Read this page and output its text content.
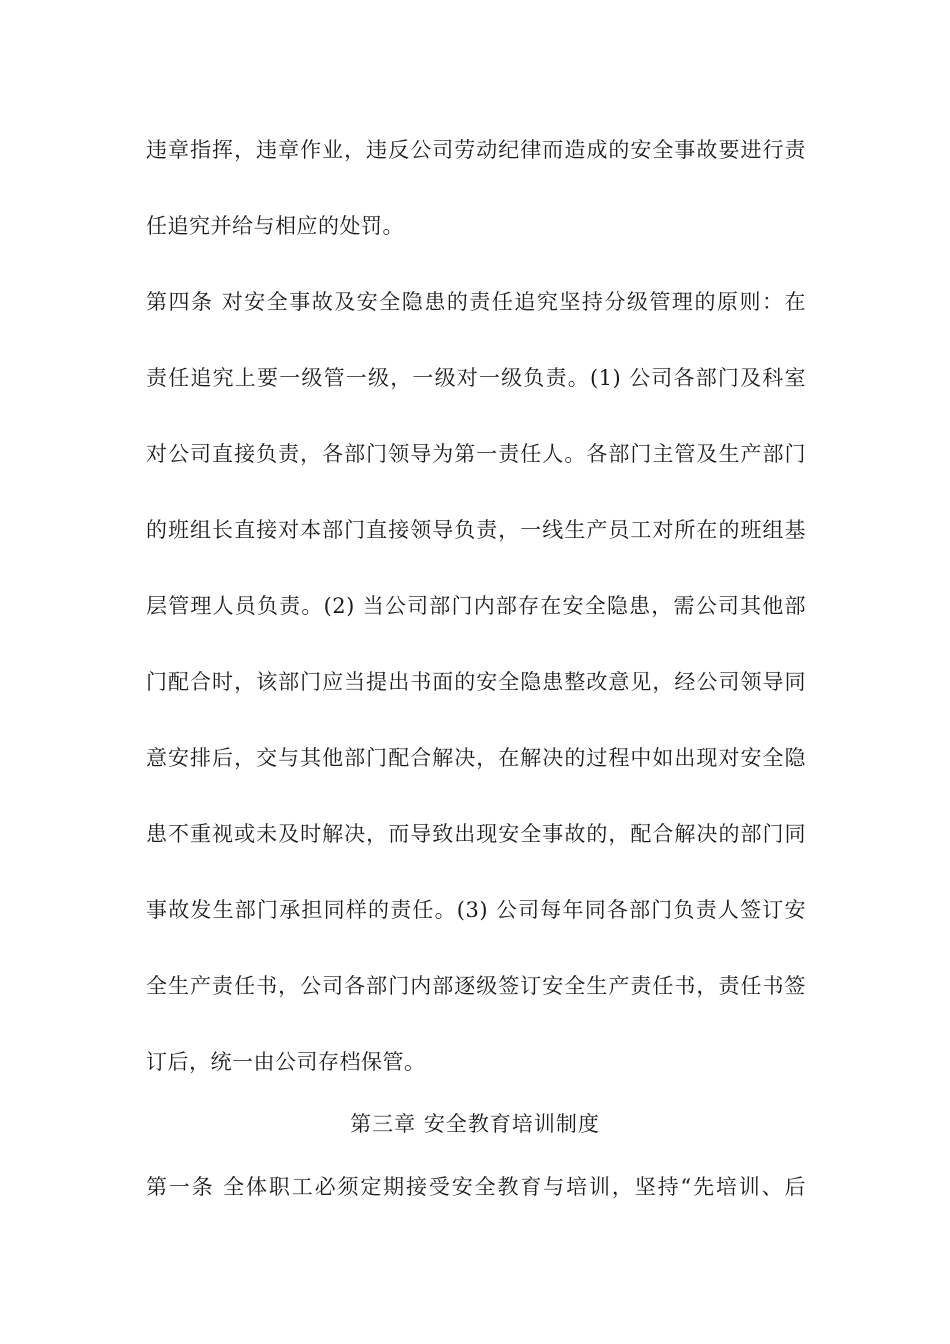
违章指挥，违章作业，违反公司劳动纪律而造成的安全事故要进行责
任追究并给与相应的处罚。
第四条 对安全事故及安全隐患的责任追究坚持分级管理的原则：在
责任追究上要一级管一级，一级对一级负责。(1) 公司各部门及科室
对公司直接负责，各部门领导为第一责任人。各部门主管及生产部门
的班组长直接对本部门直接领导负责，一线生产员工对所在的班组基
层管理人员负责。(2) 当公司部门内部存在安全隐患，需公司其他部
门配合时，该部门应当提出书面的安全隐患整改意见，经公司领导同
意安排后，交与其他部门配合解决，在解决的过程中如出现对安全隐
患不重视或未及时解决，而导致出现安全事故的，配合解决的部门同
事故发生部门承担同样的责任。(3) 公司每年同各部门负责人签订安
全生产责任书，公司各部门内部逐级签订安全生产责任书，责任书签
订后，统一由公司存档保管。
第三章 安全教育培训制度
第一条 全体职工必须定期接受安全教育与培训，坚持“先培训、后
